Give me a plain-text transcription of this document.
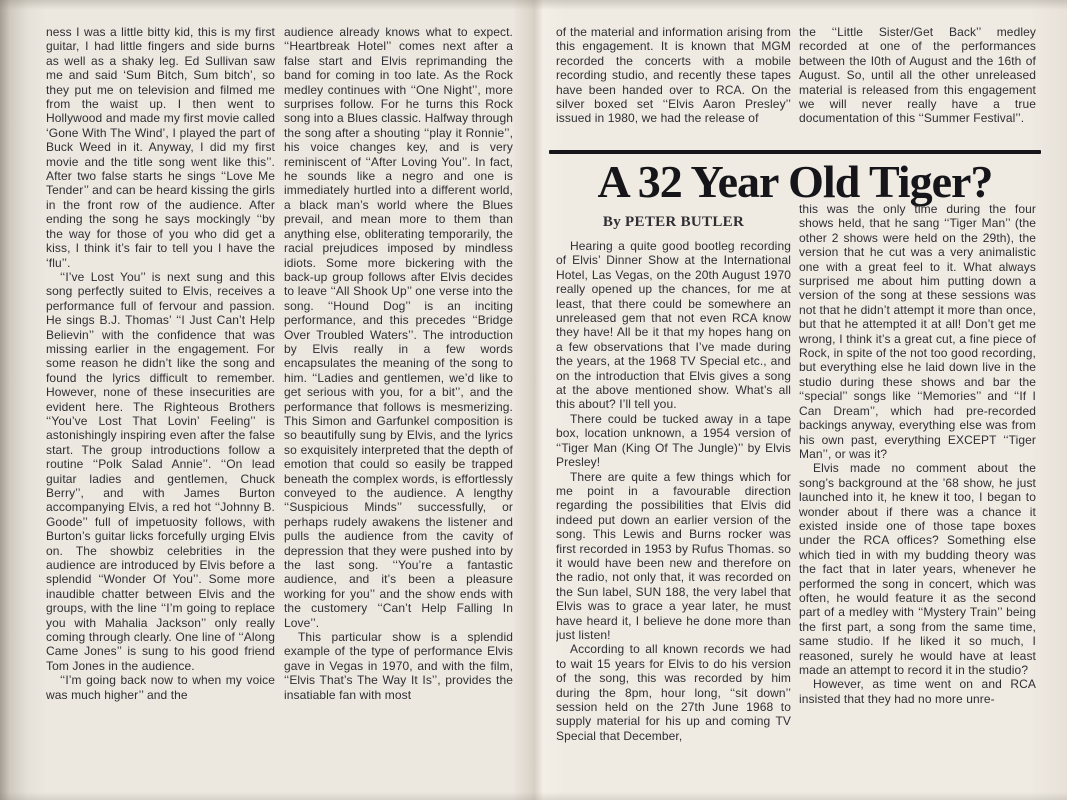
ness I was a little bitty kid, this is my first guitar, I had little fingers and side burns as well as a shaky leg. Ed Sullivan saw me and said ‘Sum Bitch, Sum bitch’, so they put me on television and filmed me from the waist up. I then went to Hollywood and made my first movie called ‘Gone With The Wind’, I played the part of Buck Weed in it. Anyway, I did my first movie and the title song went like this’’. After two false starts he sings ‘‘Love Me Tender’’ and can be heard kissing the girls in the front row of the audience. After ending the song he says mockingly ‘‘by the way for those of you who did get a kiss, I think it’s fair to tell you I have the ‘flu’’.

‘‘I’ve Lost You’’ is next sung and this song perfectly suited to Elvis, receives a performance full of fervour and passion. He sings B.J. Thomas’ ‘‘I Just Can’t Help Believin’’ with the confidence that was missing earlier in the engagement. For some reason he didn’t like the song and found the lyrics difficult to remember. However, none of these insecurities are evident here. The Righteous Brothers ‘‘You’ve Lost That Lovin’ Feeling’’ is astonishingly inspiring even after the false start. The group introductions follow a routine ‘‘Polk Salad Annie’’. ‘‘On lead guitar ladies and gentlemen, Chuck Berry’’, and with James Burton accompanying Elvis, a red hot ‘‘Johnny B. Goode’’ full of impetuosity follows, with Burton’s guitar licks forcefully urging Elvis on. The showbiz celebrities in the audience are introduced by Elvis before a splendid ‘‘Wonder Of You’’. Some more inaudible chatter between Elvis and the groups, with the line ‘‘I’m going to replace you with Mahalia Jackson’’ only really coming through clearly. One line of ‘‘Along Came Jones’’ is sung to his good friend Tom Jones in the audience.

‘‘I’m going back now to when my voice was much higher’’ and the

audience already knows what to expect. ‘‘Heartbreak Hotel’’ comes next after a false start and Elvis reprimanding the band for coming in too late. As the Rock medley continues with ‘‘One Night’’, more surprises follow. For he turns this Rock song into a Blues classic. Halfway through the song after a shouting ‘‘play it Ronnie’’, his voice changes key, and is very reminiscent of ‘‘After Loving You’’. In fact, he sounds like a negro and one is immediately hurtled into a different world, a black man’s world where the Blues prevail, and mean more to them than anything else, obliterating temporarily, the racial prejudices imposed by mindless idiots. Some more bickering with the back-up group follows after Elvis decides to leave ‘‘All Shook Up’’ one verse into the song. ‘‘Hound Dog’’ is an inciting performance, and this precedes ‘‘Bridge Over Troubled Waters’’. The introduction by Elvis really in a few words encapsulates the meaning of the song to him. ‘‘Ladies and gentlemen, we’d like to get serious with you, for a bit’’, and the performance that follows is mesmerizing. This Simon and Garfunkel composition is so beautifully sung by Elvis, and the lyrics so exquisitely interpreted that the depth of emotion that could so easily be trapped beneath the complex words, is effortlessly conveyed to the audience. A lengthy ‘‘Suspicious Minds’’ successfully, or perhaps rudely awakens the listener and pulls the audience from the cavity of depression that they were pushed into by the last song. ‘‘You’re a fantastic audience, and it’s been a pleasure working for you’’ and the show ends with the customery ‘‘Can’t Help Falling In Love’’.

This particular show is a splendid example of the type of performance Elvis gave in Vegas in 1970, and with the film, ‘‘Elvis That’s The Way It Is’’, provides the insatiable fan with most

of the material and information arising from this engagement. It is known that MGM recorded the concerts with a mobile recording studio, and recently these tapes have been handed over to RCA. On the silver boxed set ‘‘Elvis Aaron Presley’’ issued in 1980, we had the release of

the ‘‘Little Sister/Get Back’’ medley recorded at one of the performances between the I0th of August and the 16th of August. So, until all the other unreleased material is released from this engagement we will never really have a true documentation of this ‘‘Summer Festival’’.

A 32 Year Old Tiger?
By PETER BUTLER

Hearing a quite good bootleg recording of Elvis’ Dinner Show at the International Hotel, Las Vegas, on the 20th August 1970 really opened up the chances, for me at least, that there could be somewhere an unreleased gem that not even RCA know they have! All be it that my hopes hang on a few observations that I’ve made during the years, at the 1968 TV Special etc., and on the introduction that Elvis gives a song at the above mentioned show. What’s all this about? I’ll tell you.

There could be tucked away in a tape box, location unknown, a 1954 version of ‘‘Tiger Man (King Of The Jungle)’’ by Elvis Presley!

There are quite a few things which for me point in a favourable direction regarding the possibilities that Elvis did indeed put down an earlier version of the song. This Lewis and Burns rocker was first recorded in 1953 by Rufus Thomas. so it would have been new and therefore on the radio, not only that, it was recorded on the Sun label, SUN 188, the very label that Elvis was to grace a year later, he must have heard it, I believe he done more than just listen!

According to all known records we had to wait 15 years for Elvis to do his version of the song, this was recorded by him during the 8pm, hour long, ‘‘sit down’’ session held on the 27th June 1968 to supply material for his up and coming TV Special that December,

this was the only time during the four shows held, that he sang ‘‘Tiger Man’’ (the other 2 shows were held on the 29th), the version that he cut was a very animalistic one with a great feel to it. What always surprised me about him putting down a version of the song at these sessions was not that he didn’t attempt it more than once, but that he attempted it at all! Don’t get me wrong, I think it’s a great cut, a fine piece of Rock, in spite of the not too good recording, but everything else he laid down live in the studio during these shows and bar the ‘‘special’’ songs like ‘‘Memories’’ and ‘‘If I Can Dream’’, which had pre-recorded backings anyway, everything else was from his own past, everything EXCEPT ‘‘Tiger Man’’, or was it?

Elvis made no comment about the song’s background at the ’68 show, he just launched into it, he knew it too, I began to wonder about if there was a chance it existed inside one of those tape boxes under the RCA offices? Something else which tied in with my budding theory was the fact that in later years, whenever he performed the song in concert, which was often, he would feature it as the second part of a medley with ‘‘Mystery Train’’ being the first part, a song from the same time, same studio. If he liked it so much, I reasoned, surely he would have at least made an attempt to record it in the studio?

However, as time went on and RCA insisted that they had no more unre-
